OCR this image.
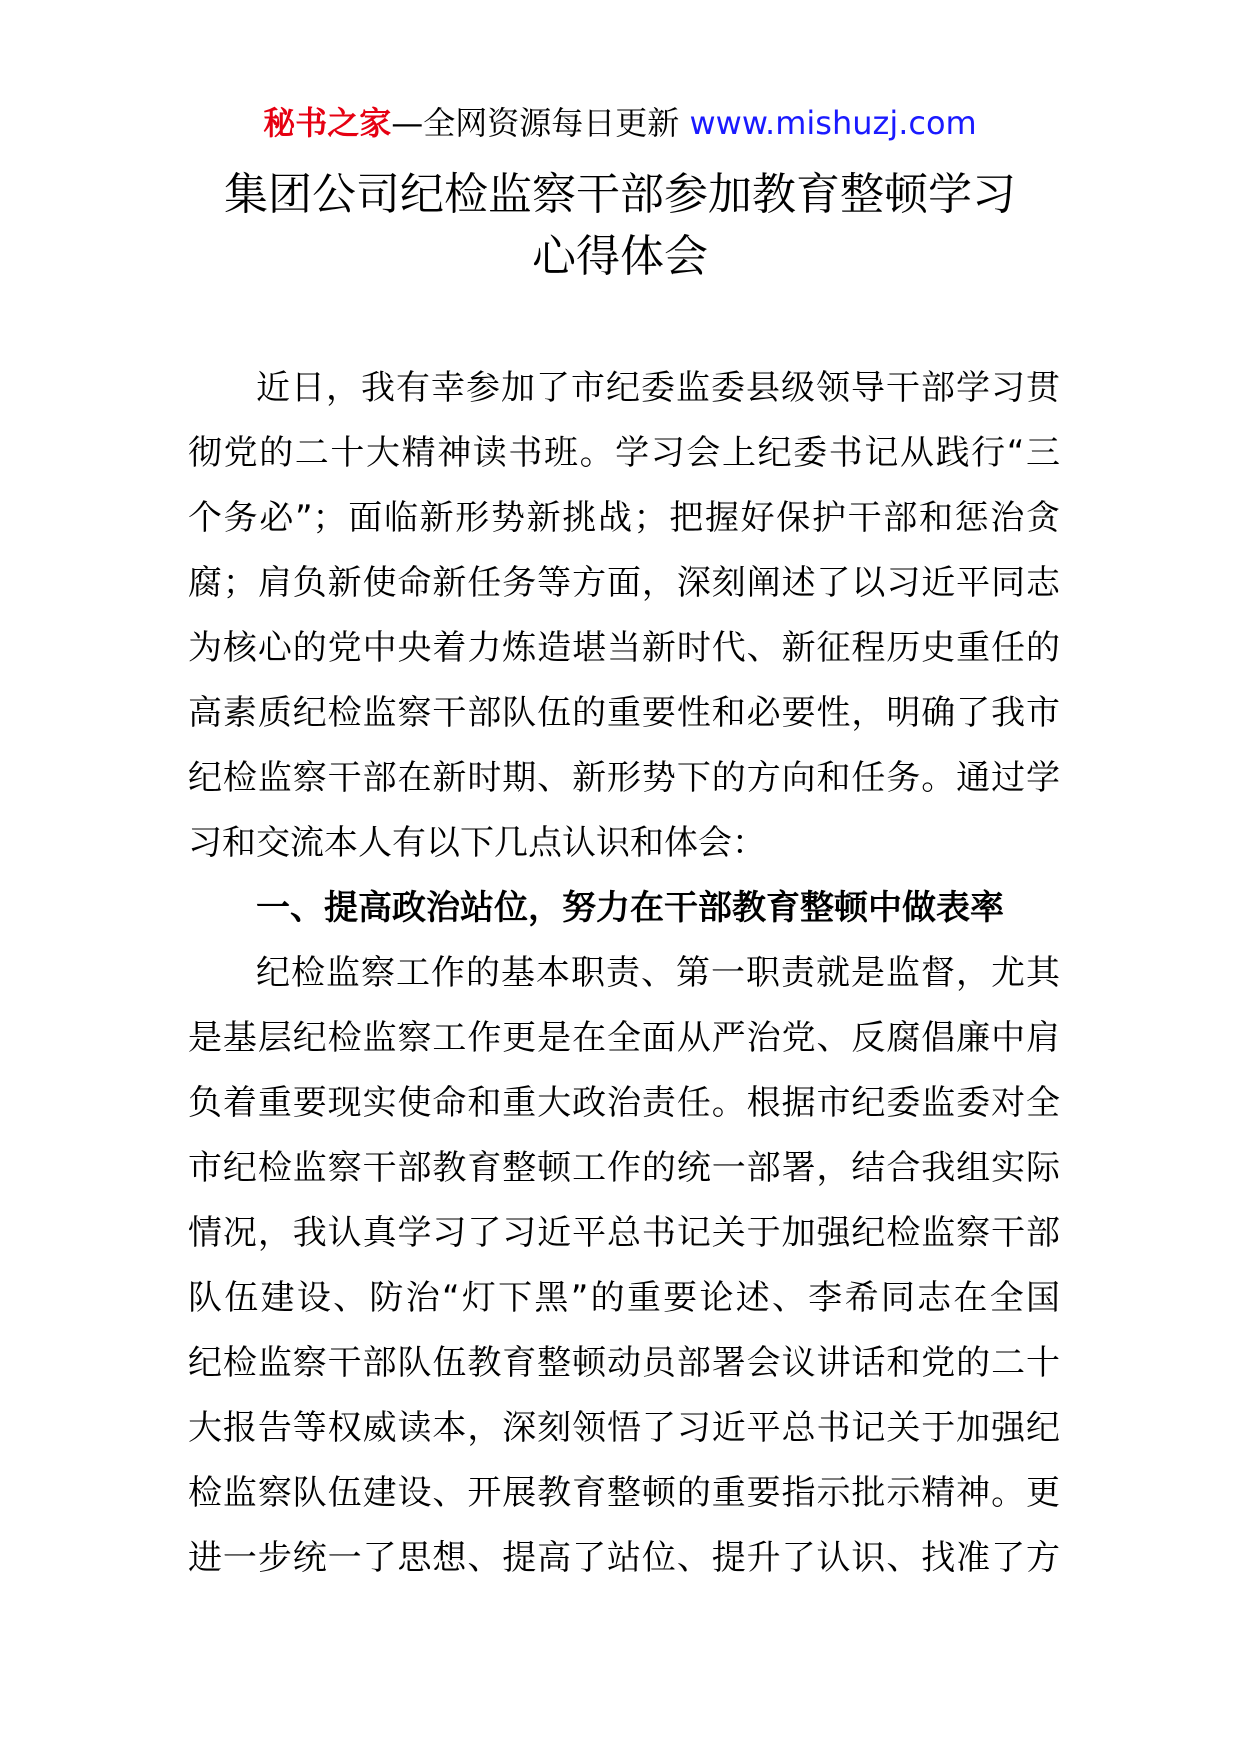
秘书之家—全网资源每日更新 www.mishuzj.com
集团公司纪检监察干部参加教育整顿学习
心得体会
近日，我有幸参加了市纪委监委县级领导干部学习贯
彻党的二十大精神读书班。学习会上纪委书记从践行“三
个务必”；面临新形势新挑战；把握好保护干部和惩治贪
腐；肩负新使命新任务等方面，深刻阐述了以习近平同志
为核心的党中央着力炼造堪当新时代、新征程历史重任的
高素质纪检监察干部队伍的重要性和必要性，明确了我市
纪检监察干部在新时期、新形势下的方向和任务。通过学
习和交流本人有以下几点认识和体会：
一、提高政治站位，努力在干部教育整顿中做表率
纪检监察工作的基本职责、第一职责就是监督，尤其
是基层纪检监察工作更是在全面从严治党、反腐倡廉中肩
负着重要现实使命和重大政治责任。根据市纪委监委对全
市纪检监察干部教育整顿工作的统一部署，结合我组实际
情况，我认真学习了习近平总书记关于加强纪检监察干部
队伍建设、防治“灯下黑”的重要论述、李希同志在全国
纪检监察干部队伍教育整顿动员部署会议讲话和党的二十
大报告等权威读本，深刻领悟了习近平总书记关于加强纪
检监察队伍建设、开展教育整顿的重要指示批示精神。更
进一步统一了思想、提高了站位、提升了认识、找准了方
